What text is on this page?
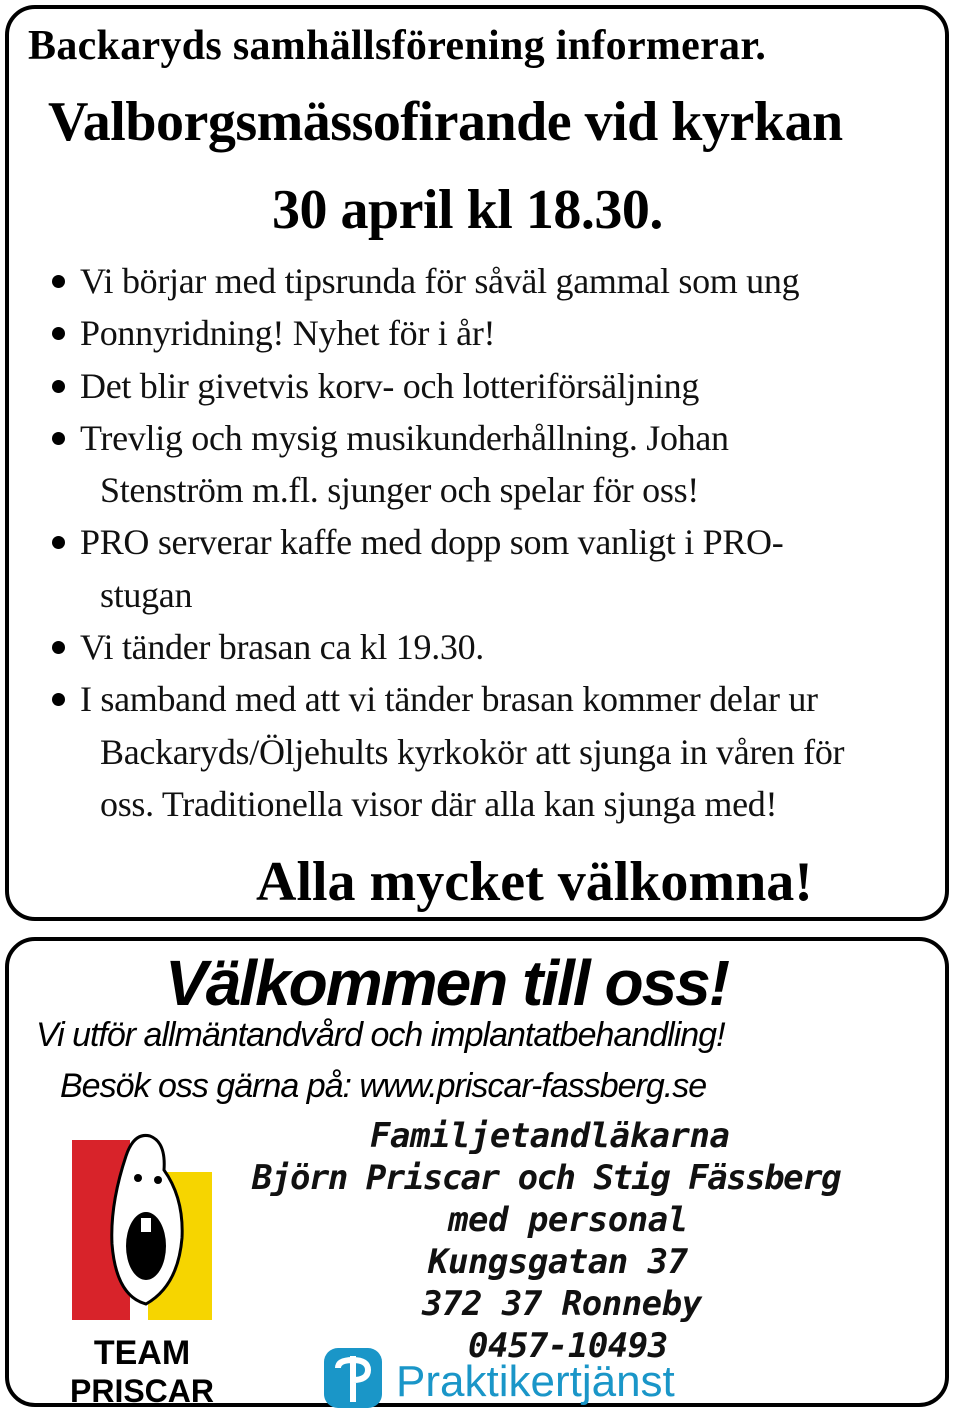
Backaryds samhällsförening informerar.
Valborgsmässofirande vid kyrkan
30 april kl 18.30.
Vi börjar med tipsrunda för såväl gammal som ung
Ponnyridning! Nyhet för i år!
Det blir givetvis korv- och lotteriförsäljning
Trevlig och mysig musikunderhållning. Johan
Stenström m.fl. sjunger och spelar för oss!
PRO serverar kaffe med dopp som vanligt i PRO-
stugan
Vi tänder brasan ca kl 19.30.
I samband med att vi tänder brasan kommer delar ur
Backaryds/Öljehults kyrkokör att sjunga in våren för
oss. Traditionella visor där alla kan sjunga med!
Alla mycket välkomna!
Välkommen till oss!
Vi utför allmäntandvård och implantatbehandling!
Besök oss gärna på: www.priscar-fassberg.se
Familjetandläkarna
Björn Priscar och Stig Fässberg
med personal
Kungsgatan 37
372 37 Ronneby
0457-10493
TEAM
PRISCAR	Praktikertjänst
